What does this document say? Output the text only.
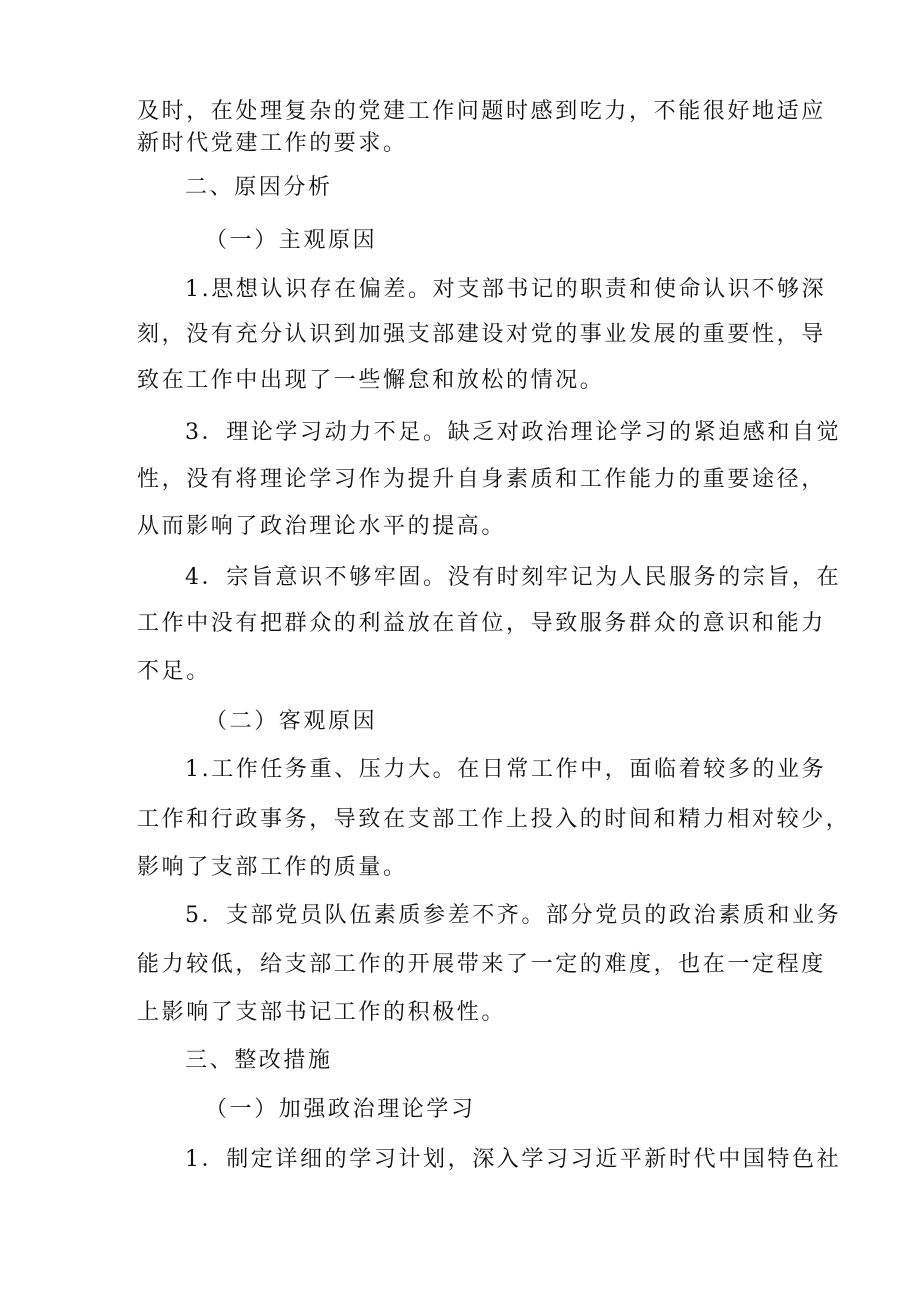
及时，在处理复杂的党建工作问题时感到吃力，不能很好地适应
新时代党建工作的要求。
二、原因分析
（一）主观原因
1.思想认识存在偏差。对支部书记的职责和使命认识不够深
刻，没有充分认识到加强支部建设对党的事业发展的重要性，导
致在工作中出现了一些懈怠和放松的情况。
3．理论学习动力不足。缺乏对政治理论学习的紧迫感和自觉
性，没有将理论学习作为提升自身素质和工作能力的重要途径，
从而影响了政治理论水平的提高。
4．宗旨意识不够牢固。没有时刻牢记为人民服务的宗旨，在
工作中没有把群众的利益放在首位，导致服务群众的意识和能力
不足。
（二）客观原因
1.工作任务重、压力大。在日常工作中，面临着较多的业务
工作和行政事务，导致在支部工作上投入的时间和精力相对较少，
影响了支部工作的质量。
5．支部党员队伍素质参差不齐。部分党员的政治素质和业务
能力较低，给支部工作的开展带来了一定的难度，也在一定程度
上影响了支部书记工作的积极性。
三、整改措施
（一）加强政治理论学习
1．制定详细的学习计划，深入学习习近平新时代中国特色社
